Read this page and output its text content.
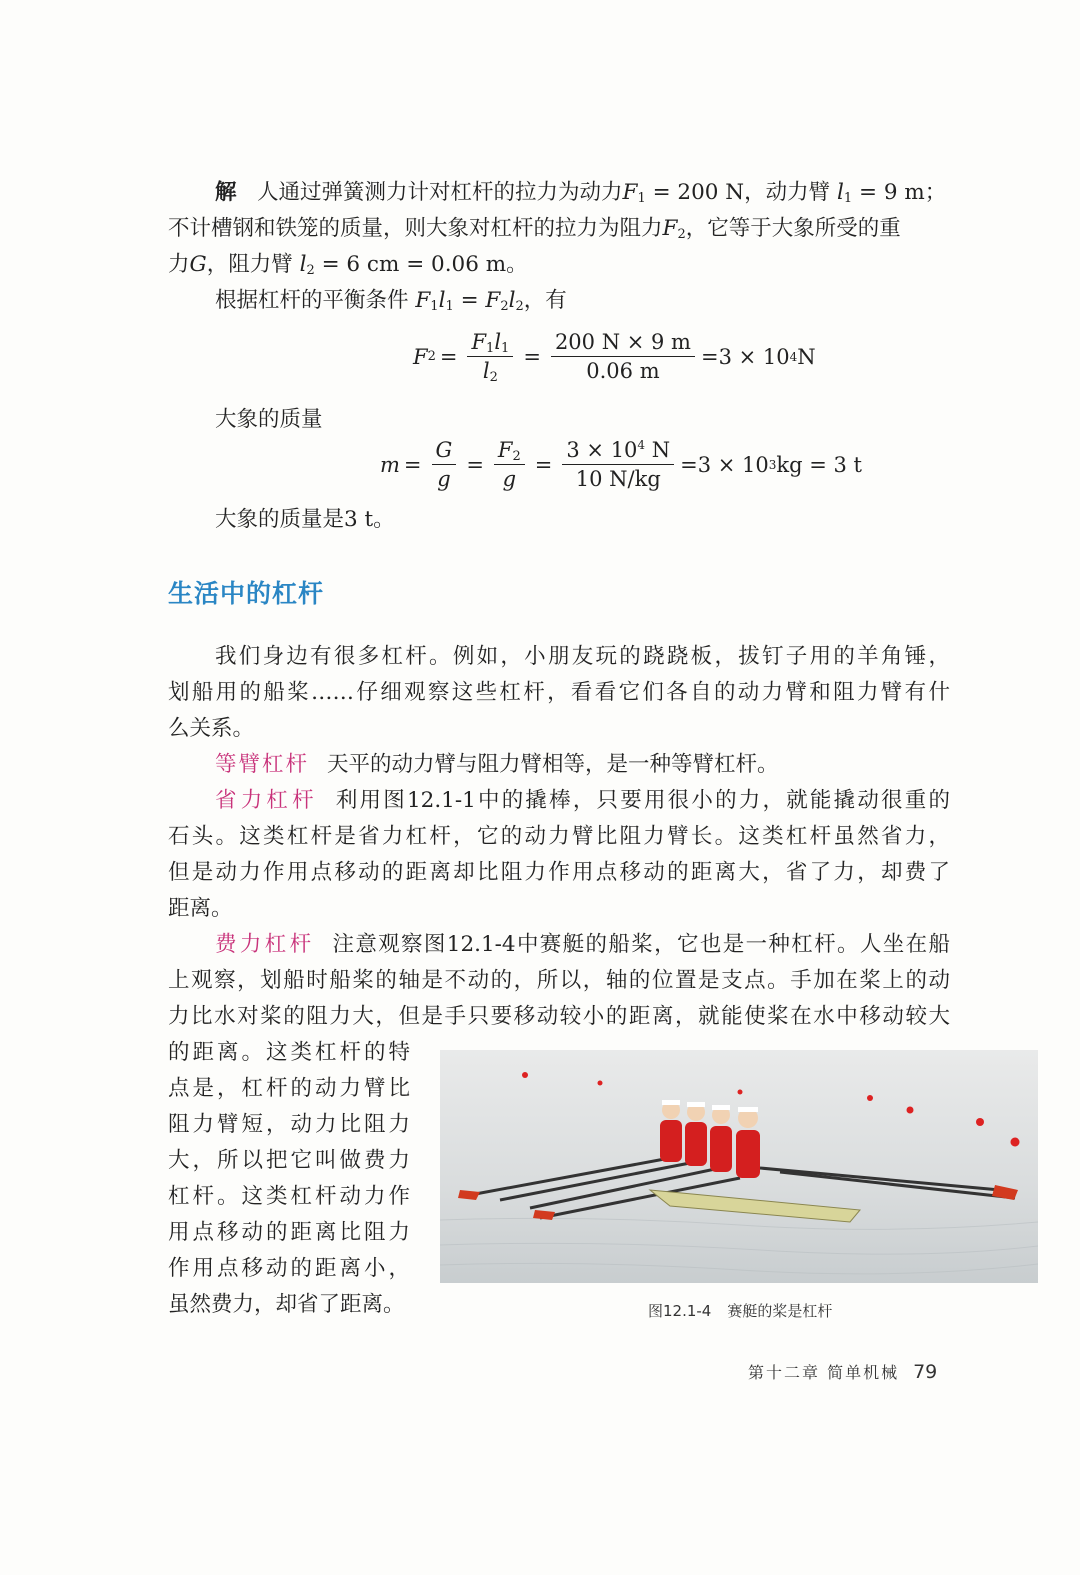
解 人通过弹簧测力计对杠杆的拉力为动力$F_1 = 200$ N，动力臂 $l_1 = 9$ m；
不计槽钢和铁笼的质量，则大象对杠杆的拉力为阻力$F_2$，它等于大象所受的重
力G，阻力臂 $l_2 = 6$ cm = 0.06 m。
根据杠杆的平衡条件 $F_1l_1 = F_2l_2$，有
F $2 = \frac{F_1l_1}{l_2} = \frac{200 N \times 9 m}{0.06 m} =3 \times 10$ 4 N
大象的质量
$m = \frac{G}{g} = \frac{F_2}{g} = \frac{3 \times 10^4 N}{10 N/kg} =3 \times 10$ 3 kg = 3 t
大象的质量是3 t。
生活中的杠杆
我们身边有很多杠杆。例如，小朋友玩的跷跷板，拔钉子用的羊角锤，
划船用的船桨……仔细观察这些杠杆，看看它们各自的动力臂和阻力臂有什
么关系。
等臂杠杆 天平的动力臂与阻力臂相等，是一种等臂杠杆。
省力杠杆 利用图12.1-1中的撬棒，只要用很小的力，就能撬动很重的
石头。这类杠杆是省力杠杆，它的动力臂比阻力臂长。这类杠杆虽然省力，
但是动力作用点移动的距离却比阻力作用点移动的距离大，省了力，却费了
距离。
费力杠杆 注意观察图12.1-4中赛艇的船桨，它也是一种杠杆。人坐在船
上观察，划船时船桨的轴是不动的，所以，轴的位置是支点。手加在桨上的动
力比水对桨的阻力大，但是手只要移动较小的距离，就能使桨在水中移动较大
的距离。这类杠杆的特
点是，杠杆的动力臂比
阻力臂短，动力比阻力
大，所以把它叫做费力
杠杆。这类杠杆动力作
用点移动的距离比阻力
作用点移动的距离小，
虽然费力，却省了距离。	图12.1-4 赛艇的桨是杠杆
第十二章 简单机械 79
